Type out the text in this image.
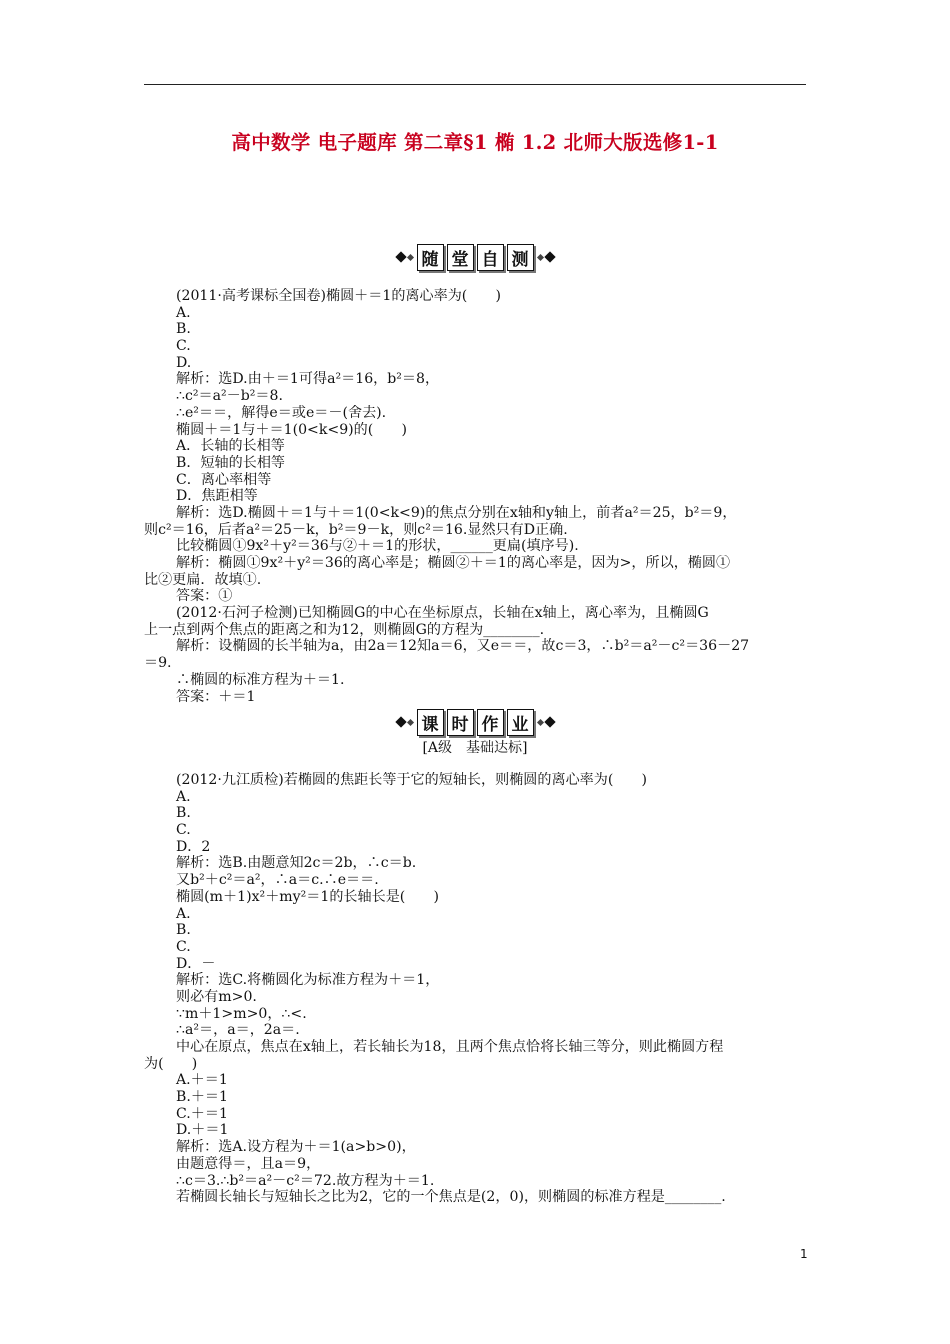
高中数学 电子题库 第二章§1 椭 1.2 北师大版选修1-1
随 堂 自 测
(2011·高考课标全国卷)椭圆＋＝1的离心率为(　　)
A.
B.
C.
D.
解析：选D.由＋＝1可得a²＝16，b²＝8，
∴c²＝a²－b²＝8.
∴e²＝＝，解得e＝或e＝－(舍去).
椭圆＋＝1与＋＝1(0<k<9)的(　　)
A．长轴的长相等
B．短轴的长相等
C．离心率相等
D．焦距相等
解析：选D.椭圆＋＝1与＋＝1(0<k<9)的焦点分别在x轴和y轴上，前者a²＝25，b²＝9，
则c²＝16，后者a²＝25－k，b²＝9－k，则c²＝16.显然只有D正确.
比较椭圆①9x²＋y²＝36与②＋＝1的形状，______更扁(填序号).
解析：椭圆①9x²＋y²＝36的离心率是；椭圆②＋＝1的离心率是，因为>，所以，椭圆①
比②更扁．故填①.
答案：①
(2012·石河子检测)已知椭圆G的中心在坐标原点，长轴在x轴上，离心率为，且椭圆G
上一点到两个焦点的距离之和为12，则椭圆G的方程为________.
解析：设椭圆的长半轴为a，由2a＝12知a＝6，又e＝＝，故c＝3，∴b²＝a²－c²＝36－27
＝9.
∴椭圆的标准方程为＋＝1.
答案：＋＝1
课 时 作 业
[A级　基础达标]
(2012·九江质检)若椭圆的焦距长等于它的短轴长，则椭圆的离心率为(　　)
A.
B.
C.
D．2
解析：选B.由题意知2c＝2b，∴c＝b.
又b²＋c²＝a²，∴a＝c.∴e＝＝.
椭圆(m＋1)x²＋my²＝1的长轴长是(　　)
A.
B.
C.
D．－
解析：选C.将椭圆化为标准方程为＋＝1，
则必有m>0.
∵m＋1>m>0，∴<.
∴a²＝，a＝，2a＝.
中心在原点，焦点在x轴上，若长轴长为18，且两个焦点恰将长轴三等分，则此椭圆方程
为(　　)
A.＋＝1
B.＋＝1
C.＋＝1
D.＋＝1
解析：选A.设方程为＋＝1(a>b>0)，
由题意得＝，且a＝9，
∴c＝3.∴b²＝a²－c²＝72.故方程为＋＝1.
若椭圆长轴长与短轴长之比为2，它的一个焦点是(2，0)，则椭圆的标准方程是________.
1
